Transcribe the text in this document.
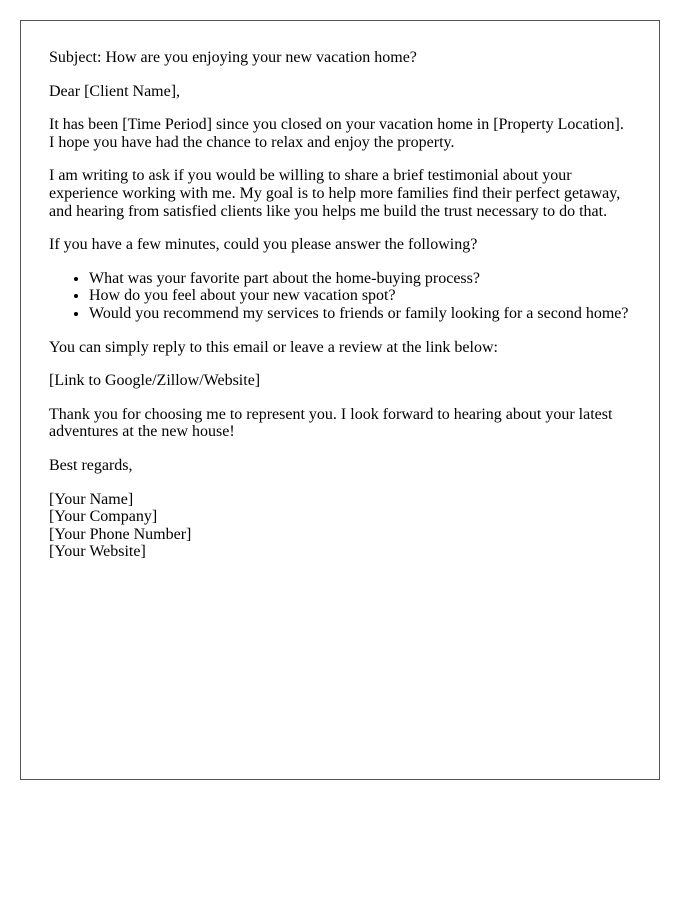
Subject: How are you enjoying your new vacation home?

Dear [Client Name],

It has been [Time Period] since you closed on your vacation home in [Property Location]. I hope you have had the chance to relax and enjoy the property.

I am writing to ask if you would be willing to share a brief testimonial about your experience working with me. My goal is to help more families find their perfect getaway, and hearing from satisfied clients like you helps me build the trust necessary to do that.

If you have a few minutes, could you please answer the following?

• What was your favorite part about the home-buying process?
• How do you feel about your new vacation spot?
• Would you recommend my services to friends or family looking for a second home?

You can simply reply to this email or leave a review at the link below:

[Link to Google/Zillow/Website]

Thank you for choosing me to represent you. I look forward to hearing about your latest adventures at the new house!

Best regards,

[Your Name]

[Your Company]

[Your Phone Number]

[Your Website]
